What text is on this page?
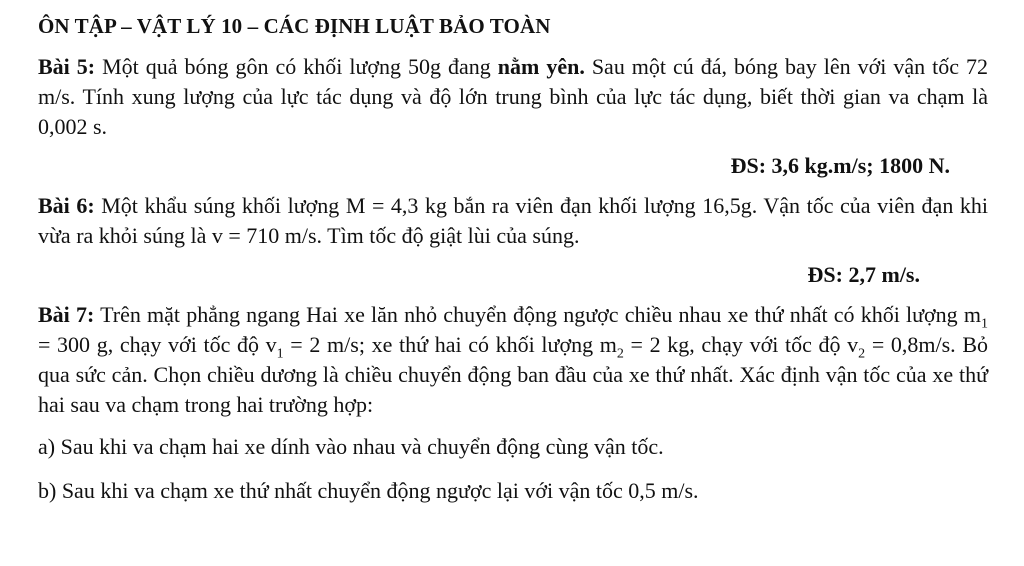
ÔN TẬP – VẬT LÝ 10 – CÁC ĐỊNH LUẬT BẢO TOÀN

Bài 5: Một quả bóng gôn có khối lượng 50g đang nằm yên. Sau một cú đá, bóng bay lên với vận tốc 72 m/s. Tính xung lượng của lực tác dụng và độ lớn trung bình của lực tác dụng, biết thời gian va chạm là 0,002 s.

ĐS: 3,6 kg.m/s; 1800 N.

Bài 6: Một khẩu súng khối lượng M = 4,3 kg bắn ra viên đạn khối lượng 16,5g. Vận tốc của viên đạn khi vừa ra khỏi súng là v = 710 m/s. Tìm tốc độ giật lùi của súng.

ĐS: 2,7 m/s.

Bài 7: Trên mặt phẳng ngang Hai xe lăn nhỏ chuyển động ngược chiều nhau xe thứ nhất có khối lượng $m_1 = 300$ g, chạy với tốc độ $v_1 = 2$ m/s; xe thứ hai có khối lượng $m_2 = 2$ kg, chạy với tốc độ $v_2 = 0,8m/s$. Bỏ qua sức cản. Chọn chiều dương là chiều chuyển động ban đầu của xe thứ nhất. Xác định vận tốc của xe thứ hai sau va chạm trong hai trường hợp:

a) Sau khi va chạm hai xe dính vào nhau và chuyển động cùng vận tốc.

b) Sau khi va chạm xe thứ nhất chuyển động ngược lại với vận tốc 0,5 m/s.
